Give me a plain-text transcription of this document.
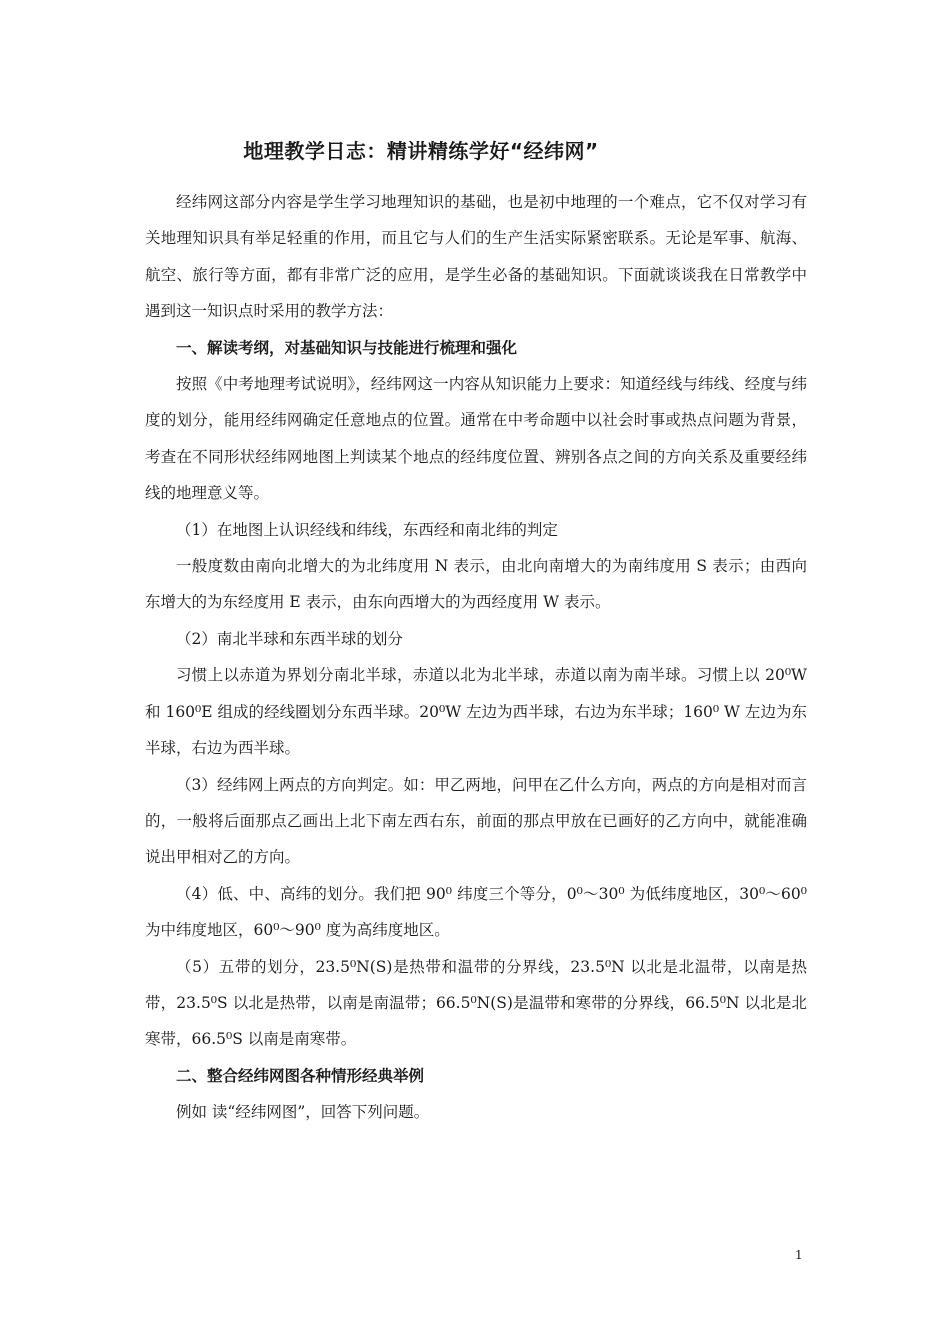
地理教学日志：精讲精练学好“经纬网”

经纬网这部分内容是学生学习地理知识的基础，也是初中地理的一个难点，它不仅对学习有关地理知识具有举足轻重的作用，而且它与人们的生产生活实际紧密联系。无论是军事、航海、航空、旅行等方面，都有非常广泛的应用，是学生必备的基础知识。下面就谈谈我在日常教学中遇到这一知识点时采用的教学方法：

一、解读考纲，对基础知识与技能进行梳理和强化

按照《中考地理考试说明》，经纬网这一内容从知识能力上要求：知道经线与纬线、经度与纬度的划分，能用经纬网确定任意地点的位置。通常在中考命题中以社会时事或热点问题为背景，考查在不同形状经纬网地图上判读某个地点的经纬度位置、辨别各点之间的方向关系及重要经纬线的地理意义等。

（1）在地图上认识经线和纬线，东西经和南北纬的判定

一般度数由南向北增大的为北纬度用 N 表示，由北向南增大的为南纬度用 S 表示；由西向东增大的为东经度用 E 表示，由东向西增大的为西经度用 W 表示。

（2）南北半球和东西半球的划分

习惯上以赤道为界划分南北半球，赤道以北为北半球，赤道以南为南半球。习惯上以 20⁰W 和 160⁰E 组成的经线圈划分东西半球。20⁰W 左边为西半球，右边为东半球；160⁰ W 左边为东半球，右边为西半球。

（3）经纬网上两点的方向判定。如：甲乙两地，问甲在乙什么方向，两点的方向是相对而言的，一般将后面那点乙画出上北下南左西右东，前面的那点甲放在已画好的乙方向中，就能准确说出甲相对乙的方向。

（4）低、中、高纬的划分。我们把 90⁰ 纬度三个等分，0⁰～30⁰ 为低纬度地区，30⁰～60⁰ 为中纬度地区，60⁰～90⁰ 度为高纬度地区。

（5）五带的划分，23.5⁰N(S)是热带和温带的分界线，23.5⁰N 以北是北温带，以南是热带，23.5⁰S 以北是热带，以南是南温带；66.5⁰N(S)是温带和寒带的分界线，66.5⁰N 以北是北寒带，66.5⁰S 以南是南寒带。

二、整合经纬网图各种情形经典举例

例如 读“经纬网图”，回答下列问题。

1
